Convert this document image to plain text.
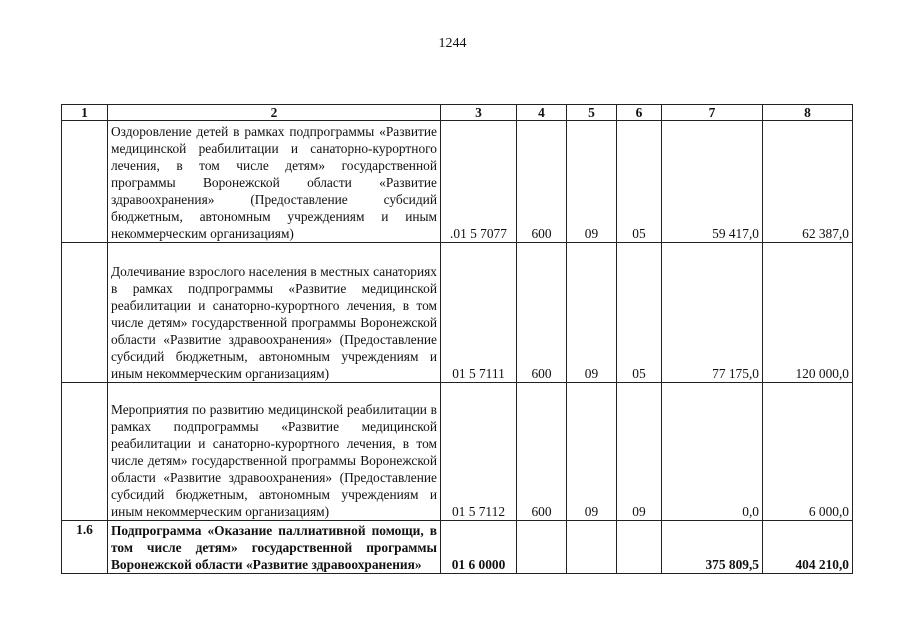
1244
1	2	3	4	5	6	7	8
	Оздоровление детей в рамках подпрограммы «Развитие медицинской реабилитации и санаторно-курортного лечения, в том числе детям» государственной программы Воронежской области «Развитие здравоохранения» (Предоставление субсидий бюджетным, автономным учреждениям и иным некоммерческим организациям)	.01 5 7077	600	09	05	59 417,0	62 387,0
	Долечивание взрослого населения в местных санаториях в рамках подпрограммы «Развитие медицинской реабилитации и санаторно-курортного лечения, в том числе детям» государственной программы Воронежской области «Развитие здравоохранения» (Предоставление субсидий бюджетным, автономным учреждениям и иным некоммерческим организациям)	01 5 7111	600	09	05	77 175,0	120 000,0
	Мероприятия по развитию медицинской реабилитации в рамках подпрограммы «Развитие медицинской реабилитации и санаторно-курортного лечения, в том числе детям» государственной программы Воронежской области «Развитие здравоохранения» (Предоставление субсидий бюджетным, автономным учреждениям и иным некоммерческим организациям)	01 5 7112	600	09	09	0,0	6 000,0
1.6	Подпрограмма «Оказание паллиативной помощи, в том числе детям» государственной программы Воронежской области «Развитие здравоохранения»	01 6 0000				375 809,5	404 210,0
